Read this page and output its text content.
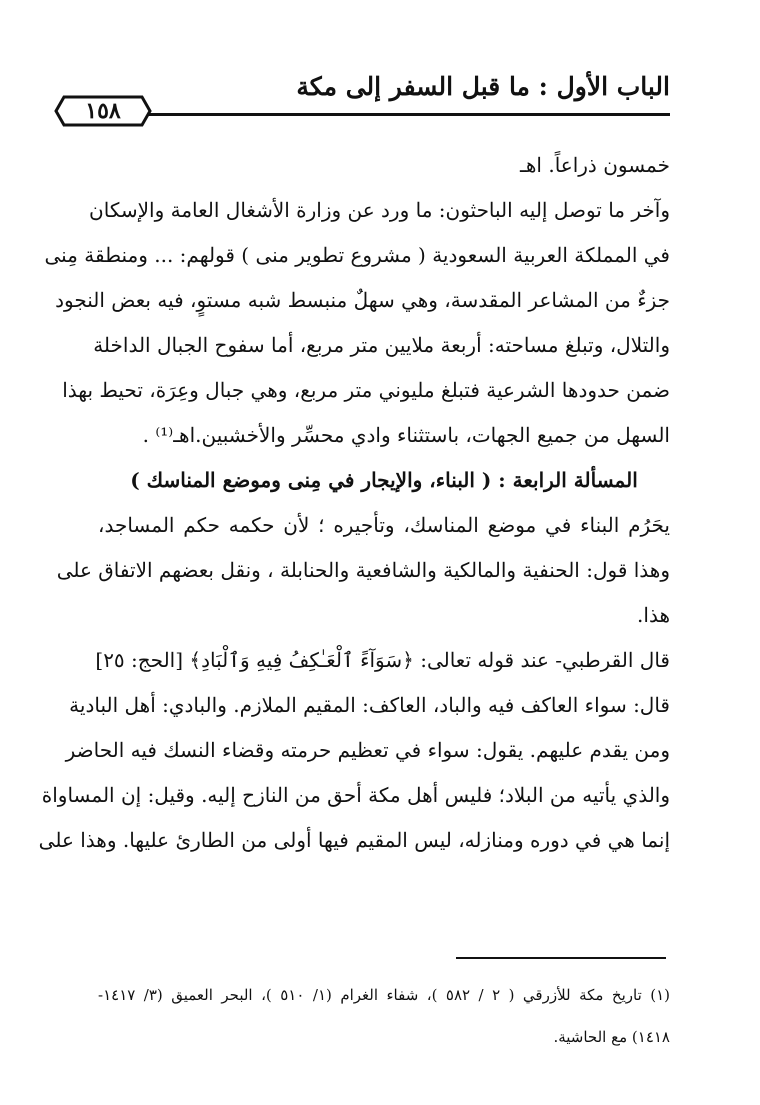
الباب الأول : ما قبل السفر إلى مكة
١٥٨
خمسون ذراعاً. اهـ
وآخر ما توصل إليه الباحثون: ما ورد عن وزارة الأشغال العامة والإسكان
في المملكة العربية السعودية ( مشروع تطوير منى ) قولهم: ... ومنطقة مِنى
جزءٌ من المشاعر المقدسة، وهي سهلٌ منبسط شبه مستوٍ، فيه بعض النجود
والتلال، وتبلغ مساحته: أربعة ملايين متر مربع، أما سفوح الجبال الداخلة
ضمن حدودها الشرعية فتبلغ مليوني متر مربع، وهي جبال وعِرَة، تحيط بهذا
السهل من جميع الجهات، باستثناء وادي محسِّر والأخشبين.اهـ⁽¹⁾ .
المسألة الرابعة : ( البناء، والإيجار في مِنى وموضع المناسك )
يحَرُم البناء في موضع المناسك، وتأجيره ؛ لأن حكمه حكم المساجد،
وهذا قول: الحنفية والمالكية والشافعية والحنابلة ، ونقل بعضهم الاتفاق على
هذا.
قال القرطبي- عند قوله تعالى: ﴿سَوَآءً ٱلْعَـٰكِفُ فِيهِ وَٱلْبَادِ﴾ [الحج: ٢٥]
قال: سواء العاكف فيه والباد، العاكف: المقيم الملازم. والبادي: أهل البادية
ومن يقدم عليهم. يقول: سواء في تعظيم حرمته وقضاء النسك فيه الحاضر
والذي يأتيه من البلاد؛ فليس أهل مكة أحق من النازح إليه. وقيل: إن المساواة
إنما هي في دوره ومنازله، ليس المقيم فيها أولى من الطارئ عليها. وهذا على
(١) تاريخ مكة للأزرقي ( ٢ / ٥٨٢ )، شفاء الغرام (١/ ٥١٠ )، البحر العميق (٣/ ١٤١٧-
١٤١٨) مع الحاشية.
